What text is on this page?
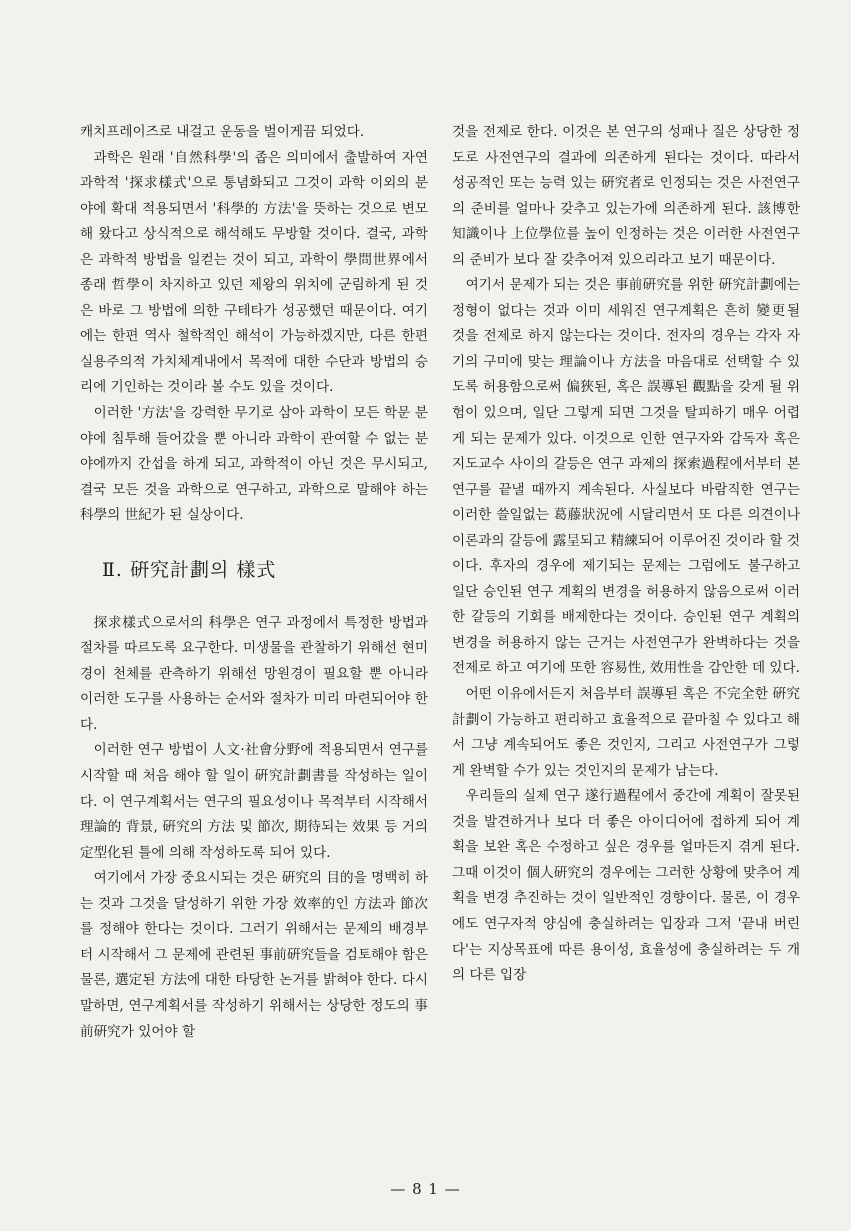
캐치프레이즈로 내걸고 운동을 벌이게끔 되었다.

과학은 원래 '自然科學'의 좁은 의미에서 출발하여 자연 과학적 '探求樣式'으로 통념화되고 그것이 과학 이외의 분야에 확대 적용되면서 '科學的 方法'을 뜻하는 것으로 변모해 왔다고 상식적으로 해석해도 무방할 것이다. 결국, 과학은 과학적 방법을 일컫는 것이 되고, 과학이 學問世界에서 종래 哲學이 차지하고 있던 제왕의 위치에 군림하게 된 것은 바로 그 방법에 의한 구테타가 성공했던 때문이다. 여기에는 한편 역사 철학적인 해석이 가능하겠지만, 다른 한편 실용주의적 가치체계내에서 목적에 대한 수단과 방법의 승리에 기인하는 것이라 볼 수도 있을 것이다.

이러한 '方法'을 강력한 무기로 삼아 과학이 모든 학문 분야에 침투해 들어갔을 뿐 아니라 과학이 관여할 수 없는 분야에까지 간섭을 하게 되고, 과학적이 아닌 것은 무시되고, 결국 모든 것을 과학으로 연구하고, 과학으로 말해야 하는 科學의 世紀가 된 실상이다.

Ⅱ. 硏究計劃의 樣式

探求樣式으로서의 科學은 연구 과정에서 특정한 방법과 절차를 따르도록 요구한다. 미생물을 관찰하기 위해선 현미경이 천체를 관측하기 위해선 망원경이 필요할 뿐 아니라 이러한 도구를 사용하는 순서와 절차가 미리 마련되어야 한다.

이러한 연구 방법이 人文·社會分野에 적용되면서 연구를 시작할 때 처음 해야 할 일이 硏究計劃書를 작성하는 일이다. 이 연구계획서는 연구의 필요성이나 목적부터 시작해서 理論的 背景, 硏究의 方法 및 節次, 期待되는 效果 등 거의 定型化된 틀에 의해 작성하도록 되어 있다.

여기에서 가장 중요시되는 것은 硏究의 目的을 명백히 하는 것과 그것을 달성하기 위한 가장 效率的인 方法과 節次를 정해야 한다는 것이다. 그러기 위해서는 문제의 배경부터 시작해서 그 문제에 관련된 事前硏究들을 검토해야 함은 물론, 選定된 方法에 대한 타당한 논거를 밝혀야 한다. 다시 말하면, 연구계획서를 작성하기 위해서는 상당한 정도의 事前硏究가 있어야 할

것을 전제로 한다. 이것은 본 연구의 성패나 질은 상당한 정도로 사전연구의 결과에 의존하게 된다는 것이다. 따라서 성공적인 또는 능력 있는 硏究者로 인정되는 것은 사전연구의 준비를 얼마나 갖추고 있는가에 의존하게 된다. 該博한 知識이나 上位學位를 높이 인정하는 것은 이러한 사전연구의 준비가 보다 잘 갖추어져 있으리라고 보기 때문이다.

여기서 문제가 되는 것은 事前硏究를 위한 硏究計劃에는 정형이 없다는 것과 이미 세워진 연구계획은 흔히 變更될 것을 전제로 하지 않는다는 것이다. 전자의 경우는 각자 자기의 구미에 맞는 理論이나 方法을 마음대로 선택할 수 있도록 허용함으로써 偏狹된, 혹은 誤導된 觀點을 갖게 될 위험이 있으며, 일단 그렇게 되면 그것을 탈피하기 매우 어렵게 되는 문제가 있다. 이것으로 인한 연구자와 감독자 혹은 지도교수 사이의 갈등은 연구 과제의 探索過程에서부터 본 연구를 끝낼 때까지 계속된다. 사실보다 바람직한 연구는 이러한 쓸일없는 葛藤狀況에 시달리면서 또 다른 의견이나 이론과의 갈등에 露呈되고 精練되어 이루어진 것이라 할 것이다. 후자의 경우에 제기되는 문제는 그럼에도 불구하고 일단 승인된 연구 계획의 변경을 허용하지 않음으로써 이러한 갈등의 기회를 배제한다는 것이다. 승인된 연구 계획의 변경을 허용하지 않는 근거는 사전연구가 완벽하다는 것을 전제로 하고 여기에 또한 容易性, 效用性을 감안한 데 있다.

어떤 이유에서든지 처음부터 誤導된 혹은 不完全한 硏究計劃이 가능하고 편리하고 효율적으로 끝마칠 수 있다고 해서 그냥 계속되어도 좋은 것인지, 그리고 사전연구가 그렇게 완벽할 수가 있는 것인지의 문제가 남는다.

우리들의 실제 연구 遂行過程에서 중간에 계획이 잘못된 것을 발견하거나 보다 더 좋은 아이디어에 접하게 되어 계획을 보완 혹은 수정하고 싶은 경우를 얼마든지 겪게 된다. 그때 이것이 個人硏究의 경우에는 그러한 상황에 맞추어 계획을 변경 추진하는 것이 일반적인 경향이다. 물론, 이 경우에도 연구자적 양심에 충실하려는 입장과 그저 '끝내 버린다'는 지상목표에 따른 용이성, 효율성에 충실하려는 두 개의 다른 입장

— 8 1 —
